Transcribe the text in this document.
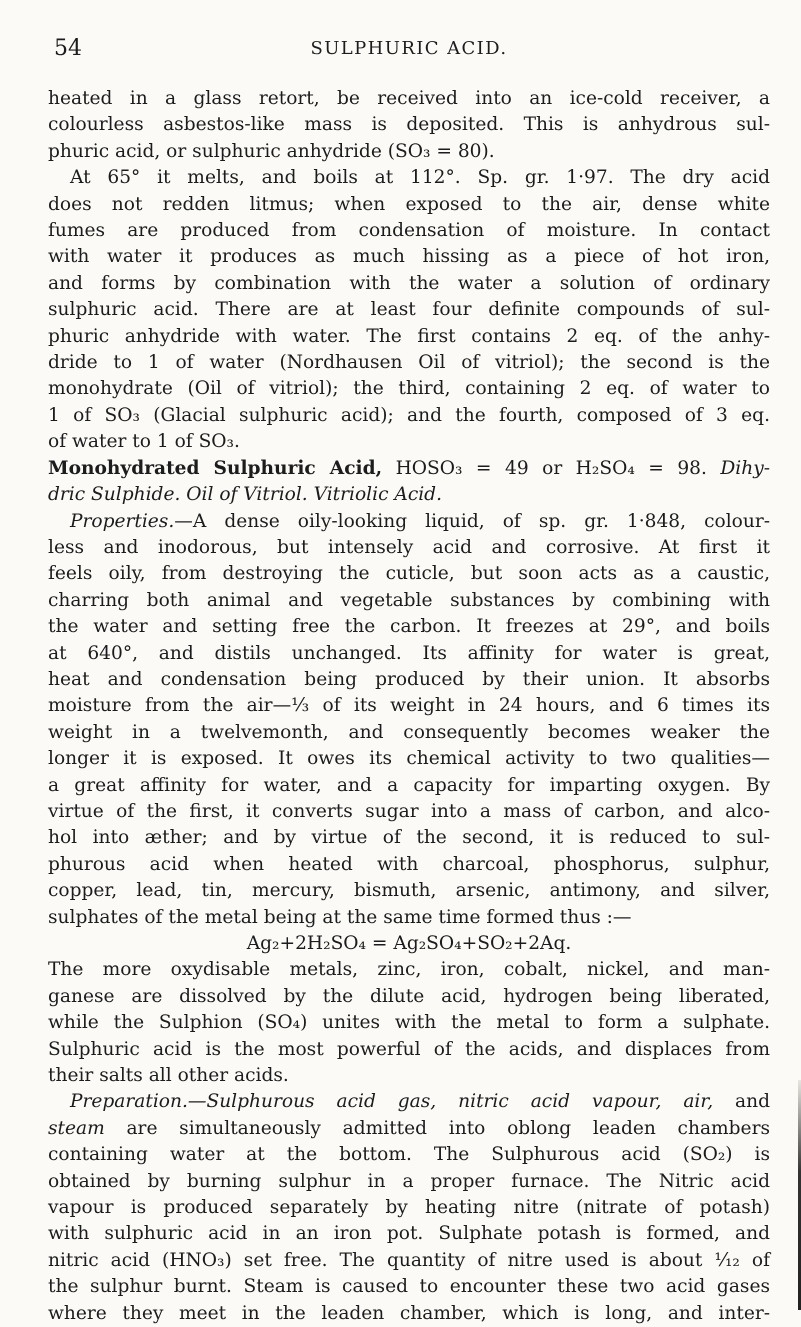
54	SULPHURIC ACID.
heated in a glass retort, be received into an ice-cold receiver, a
colourless asbestos-like mass is deposited. This is anhydrous sul-
phuric acid, or sulphuric anhydride (SO₃ = 80).
At 65° it melts, and boils at 112°. Sp. gr. 1·97. The dry acid
does not redden litmus; when exposed to the air, dense white
fumes are produced from condensation of moisture. In contact
with water it produces as much hissing as a piece of hot iron,
and forms by combination with the water a solution of ordinary
sulphuric acid. There are at least four definite compounds of sul-
phuric anhydride with water. The first contains 2 eq. of the anhy-
dride to 1 of water (Nordhausen Oil of vitriol); the second is the
monohydrate (Oil of vitriol); the third, containing 2 eq. of water to
1 of SO₃ (Glacial sulphuric acid); and the fourth, composed of 3 eq.
of water to 1 of SO₃.
Monohydrated Sulphuric Acid, HOSO₃ = 49 or H₂SO₄ = 98. Dihy-
dric Sulphide. Oil of Vitriol. Vitriolic Acid.
Properties.—A dense oily-looking liquid, of sp. gr. 1·848, colour-
less and inodorous, but intensely acid and corrosive. At first it
feels oily, from destroying the cuticle, but soon acts as a caustic,
charring both animal and vegetable substances by combining with
the water and setting free the carbon. It freezes at 29°, and boils
at 640°, and distils unchanged. Its affinity for water is great,
heat and condensation being produced by their union. It absorbs
moisture from the air—⅓ of its weight in 24 hours, and 6 times its
weight in a twelvemonth, and consequently becomes weaker the
longer it is exposed. It owes its chemical activity to two qualities—
a great affinity for water, and a capacity for imparting oxygen. By
virtue of the first, it converts sugar into a mass of carbon, and alco-
hol into æther; and by virtue of the second, it is reduced to sul-
phurous acid when heated with charcoal, phosphorus, sulphur,
copper, lead, tin, mercury, bismuth, arsenic, antimony, and silver,
sulphates of the metal being at the same time formed thus :—
Ag₂+2H₂SO₄ = Ag₂SO₄+SO₂+2Aq.
The more oxydisable metals, zinc, iron, cobalt, nickel, and man-
ganese are dissolved by the dilute acid, hydrogen being liberated,
while the Sulphion (SO₄) unites with the metal to form a sulphate.
Sulphuric acid is the most powerful of the acids, and displaces from
their salts all other acids.
Preparation.—Sulphurous acid gas, nitric acid vapour, air, and
steam are simultaneously admitted into oblong leaden chambers
containing water at the bottom. The Sulphurous acid (SO₂) is
obtained by burning sulphur in a proper furnace. The Nitric acid
vapour is produced separately by heating nitre (nitrate of potash)
with sulphuric acid in an iron pot. Sulphate potash is formed, and
nitric acid (HNO₃) set free. The quantity of nitre used is about ¹⁄₁₂ of
the sulphur burnt. Steam is caused to encounter these two acid gases
where they meet in the leaden chamber, which is long, and inter-
